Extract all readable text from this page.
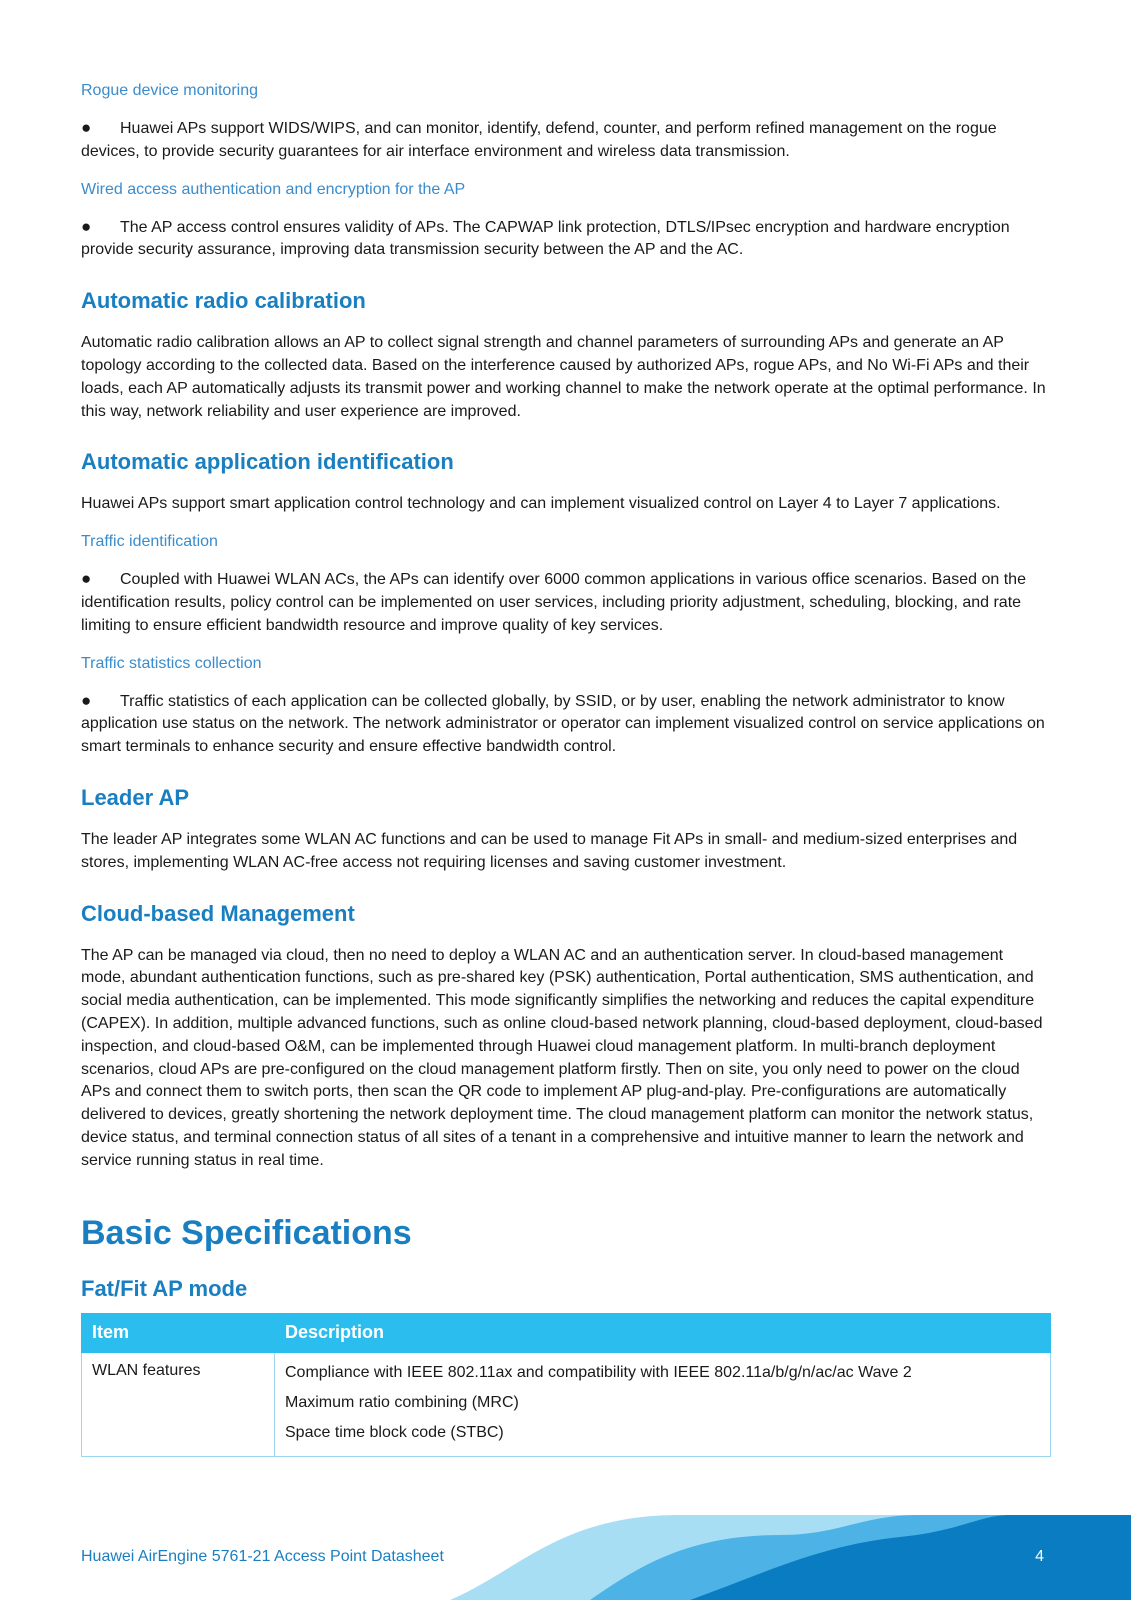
Rogue device monitoring
● Huawei APs support WIDS/WIPS, and can monitor, identify, defend, counter, and perform refined management on the rogue devices, to provide security guarantees for air interface environment and wireless data transmission.
Wired access authentication and encryption for the AP
● The AP access control ensures validity of APs. The CAPWAP link protection, DTLS/IPsec encryption and hardware encryption provide security assurance, improving data transmission security between the AP and the AC.
Automatic radio calibration
Automatic radio calibration allows an AP to collect signal strength and channel parameters of surrounding APs and generate an AP topology according to the collected data. Based on the interference caused by authorized APs, rogue APs, and No Wi-Fi APs and their loads, each AP automatically adjusts its transmit power and working channel to make the network operate at the optimal performance. In this way, network reliability and user experience are improved.
Automatic application identification
Huawei APs support smart application control technology and can implement visualized control on Layer 4 to Layer 7 applications.
Traffic identification
● Coupled with Huawei WLAN ACs, the APs can identify over 6000 common applications in various office scenarios. Based on the identification results, policy control can be implemented on user services, including priority adjustment, scheduling, blocking, and rate limiting to ensure efficient bandwidth resource and improve quality of key services.
Traffic statistics collection
● Traffic statistics of each application can be collected globally, by SSID, or by user, enabling the network administrator to know application use status on the network. The network administrator or operator can implement visualized control on service applications on smart terminals to enhance security and ensure effective bandwidth control.
Leader AP
The leader AP integrates some WLAN AC functions and can be used to manage Fit APs in small- and medium-sized enterprises and stores, implementing WLAN AC-free access not requiring licenses and saving customer investment.
Cloud-based Management
The AP can be managed via cloud, then no need to deploy a WLAN AC and an authentication server. In cloud-based management mode, abundant authentication functions, such as pre-shared key (PSK) authentication, Portal authentication, SMS authentication, and social media authentication, can be implemented. This mode significantly simplifies the networking and reduces the capital expenditure (CAPEX). In addition, multiple advanced functions, such as online cloud-based network planning, cloud-based deployment, cloud-based inspection, and cloud-based O&M, can be implemented through Huawei cloud management platform. In multi-branch deployment scenarios, cloud APs are pre-configured on the cloud management platform firstly. Then on site, you only need to power on the cloud APs and connect them to switch ports, then scan the QR code to implement AP plug-and-play. Pre-configurations are automatically delivered to devices, greatly shortening the network deployment time. The cloud management platform can monitor the network status, device status, and terminal connection status of all sites of a tenant in a comprehensive and intuitive manner to learn the network and service running status in real time.
Basic Specifications
Fat/Fit AP mode
Item	Description
WLAN features	Compliance with IEEE 802.11ax and compatibility with IEEE 802.11a/b/g/n/ac/ac Wave 2
Maximum ratio combining (MRC)
Space time block code (STBC)
Huawei AirEngine 5761-21 Access Point Datasheet	4
